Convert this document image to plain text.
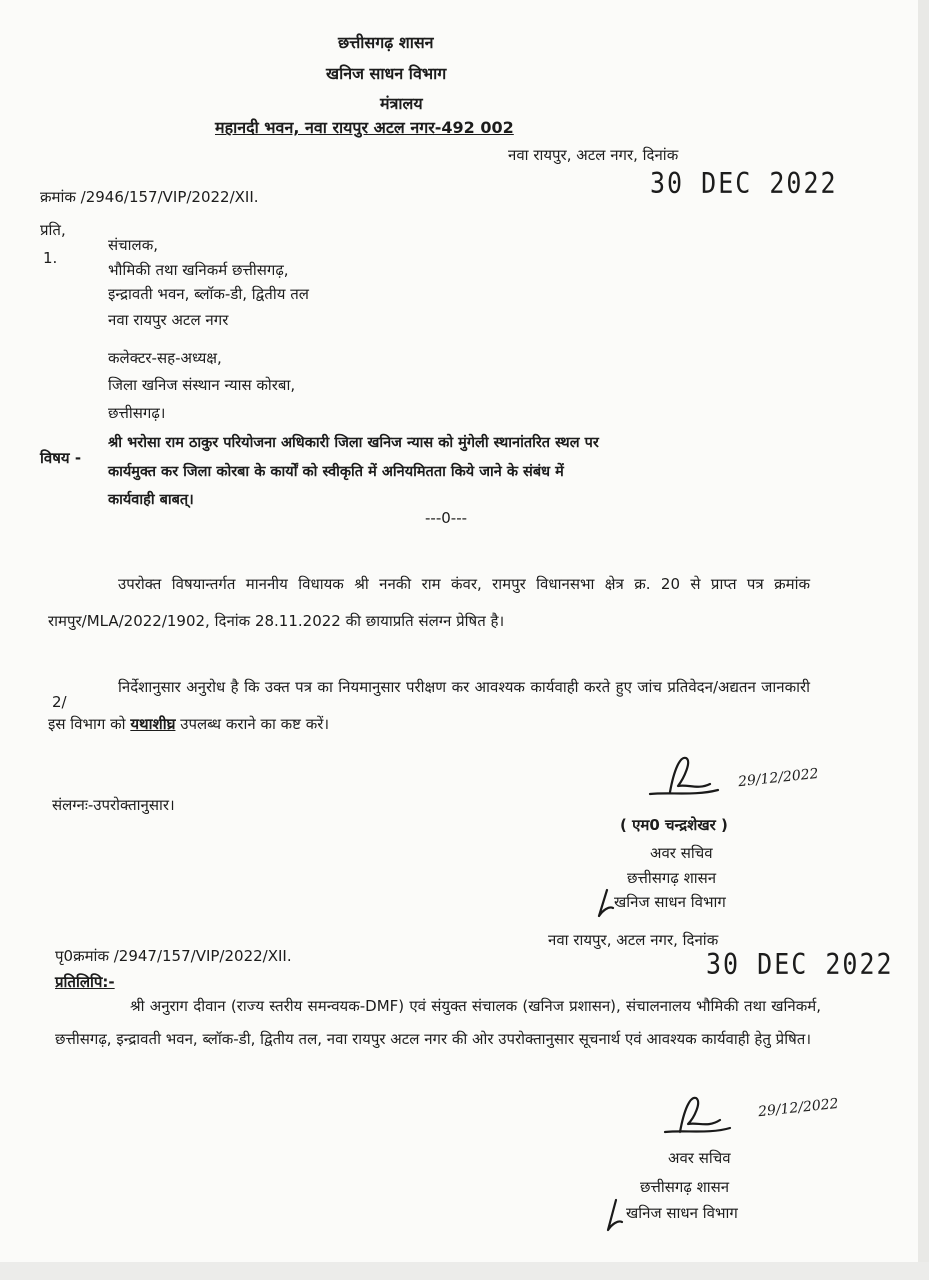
छत्तीसगढ़ शासन
खनिज साधन विभाग
मंत्रालय
महानदी भवन, नवा रायपुर अटल नगर-492 002
नवा रायपुर, अटल नगर, दिनांक
30 DEC 2022
क्रमांक /2946/157/VIP/2022/XII.
प्रति,
1.
संचालक,
भौमिकी तथा खनिकर्म छत्तीसगढ़,
इन्द्रावती भवन, ब्लॉक-डी, द्वितीय तल
नवा रायपुर अटल नगर
कलेक्टर-सह-अध्यक्ष,
जिला खनिज संस्थान न्यास कोरबा,
छत्तीसगढ़।
विषय -
श्री भरोसा राम ठाकुर परियोजना अधिकारी जिला खनिज न्यास को मुंगेली स्थानांतरित स्थल पर
कार्यमुक्त कर जिला कोरबा के कार्यों को स्वीकृति में अनियमितता किये जाने के संबंध में
कार्यवाही बाबत्।
---0---
उपरोक्त विषयान्तर्गत माननीय विधायक श्री ननकी राम कंवर, रामपुर विधानसभा क्षेत्र क्र. 20 से प्राप्त पत्र क्रमांक रामपुर/MLA/2022/1902, दिनांक 28.11.2022 की छायाप्रति संलग्न प्रेषित है।
2/
निर्देशानुसार अनुरोध है कि उक्त पत्र का नियमानुसार परीक्षण कर आवश्यक कार्यवाही करते हुए जांच प्रतिवेदन/अद्यतन जानकारी इस विभाग को यथाशीघ्र उपलब्ध कराने का कष्ट करें।
संलग्नः-उपरोक्तानुसार।
29/12/2022
( एम0 चन्द्रशेखर )
अवर सचिव
छत्तीसगढ़ शासन
खनिज साधन विभाग
नवा रायपुर, अटल नगर, दिनांक
30 DEC 2022
पृ0क्रमांक /2947/157/VIP/2022/XII.
प्रतिलिपि:-
श्री अनुराग दीवान (राज्य स्तरीय समन्वयक-DMF) एवं संयुक्त संचालक (खनिज प्रशासन), संचालनालय भौमिकी तथा खनिकर्म, छत्तीसगढ़, इन्द्रावती भवन, ब्लॉक-डी, द्वितीय तल, नवा रायपुर अटल नगर की ओर उपरोक्तानुसार सूचनार्थ एवं आवश्यक कार्यवाही हेतु प्रेषित।
29/12/2022
अवर सचिव
छत्तीसगढ़ शासन
खनिज साधन विभाग
